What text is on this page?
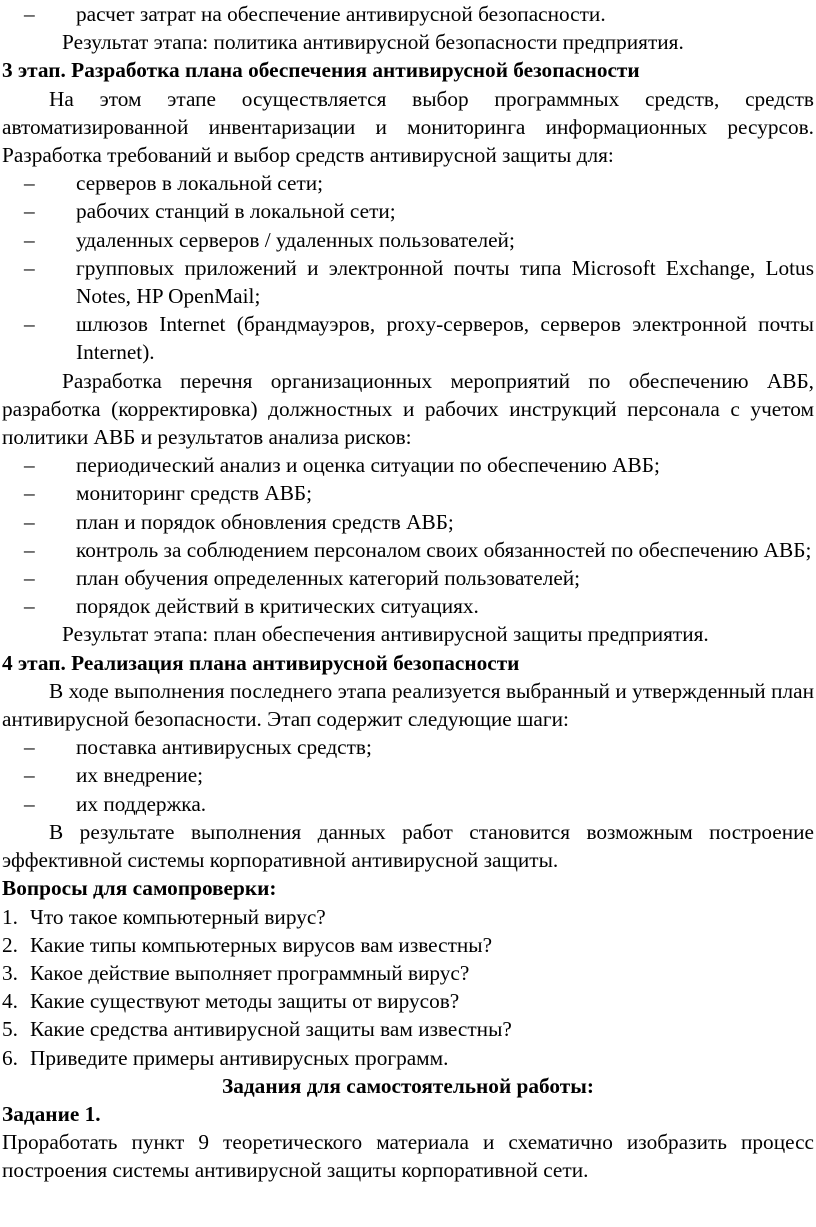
– расчет затрат на обеспечение антивирусной безопасности.

Результат этапа: политика антивирусной безопасности предприятия.

3 этап. Разработка плана обеспечения антивирусной безопасности

На этом этапе осуществляется выбор программных средств, средств автоматизированной инвентаризации и мониторинга информационных ресурсов. Разработка требований и выбор средств антивирусной защиты для:

– серверов в локальной сети;
– рабочих станций в локальной сети;
– удаленных серверов / удаленных пользователей;
– групповых приложений и электронной почты типа Microsoft Exchange, Lotus Notes, HP OpenMail;
– шлюзов Internet (брандмауэров, proxy-серверов, серверов электронной почты Internet).

Разработка перечня организационных мероприятий по обеспечению АВБ, разработка (корректировка) должностных и рабочих инструкций персонала с учетом политики АВБ и результатов анализа рисков:

– периодический анализ и оценка ситуации по обеспечению АВБ;
– мониторинг средств АВБ;
– план и порядок обновления средств АВБ;
– контроль за соблюдением персоналом своих обязанностей по обеспечению АВБ;
– план обучения определенных категорий пользователей;
– порядок действий в критических ситуациях.

Результат этапа: план обеспечения антивирусной защиты предприятия.

4 этап. Реализация плана антивирусной безопасности

В ходе выполнения последнего этапа реализуется выбранный и утвержденный план антивирусной безопасности. Этап содержит следующие шаги:

– поставка антивирусных средств;
– их внедрение;
– их поддержка.

В результате выполнения данных работ становится возможным построение эффективной системы корпоративной антивирусной защиты.

Вопросы для самопроверки:

1. Что такое компьютерный вирус?
2. Какие типы компьютерных вирусов вам известны?
3. Какое действие выполняет программный вирус?
4. Какие существуют методы защиты от вирусов?
5. Какие средства антивирусной защиты вам известны?
6. Приведите примеры антивирусных программ.

Задания для самостоятельной работы:

Задание 1.

Проработать пункт 9 теоретического материала и схематично изобразить процесс построения системы антивирусной защиты корпоративной сети.
